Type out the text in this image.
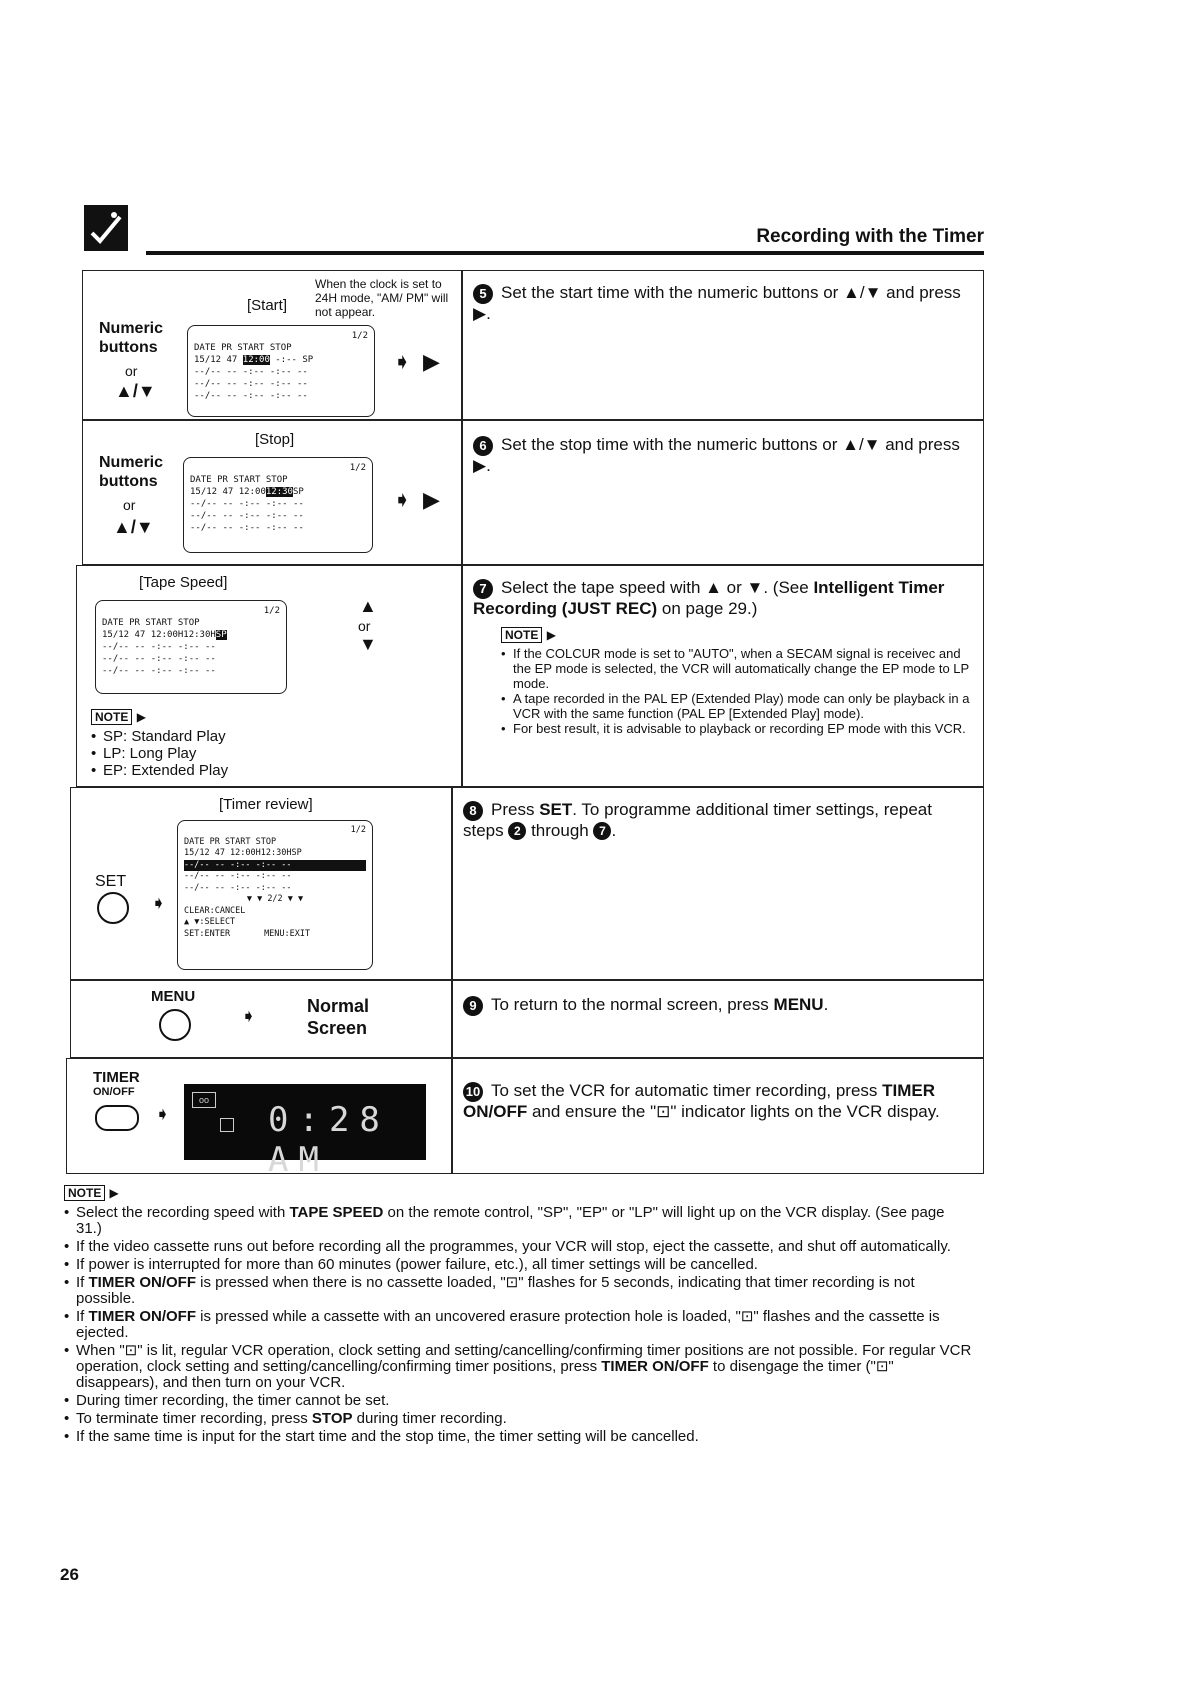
Recording with the Timer
When the clock is set to 24H mode, "AM/ PM" will not appear.
[Start]
Numeric
buttons
or
▲/▼
1/2
DATE PR START STOP
15/12 47 12:00 -:-- SP
--/-- -- -:-- -:-- --
--/-- -- -:-- -:-- --
--/-- -- -:-- -:-- --
➧ ▶
5 Set the start time with the numeric buttons or ▲/▼ and press ▶.
[Stop]
Numeric
buttons
or
▲/▼
1/2
DATE PR START STOP
15/12 47 12:0012:30SP
--/-- -- -:-- -:-- --
--/-- -- -:-- -:-- --
--/-- -- -:-- -:-- --
➧ ▶
6 Set the stop time with the numeric buttons or ▲/▼ and press ▶.
[Tape Speed]
1/2
DATE PR START STOP
15/12 47 12:00H12:30HSP
--/-- -- -:-- -:-- --
--/-- -- -:-- -:-- --
--/-- -- -:-- -:-- --
▲
or
▼
NOTE ▶
• SP: Standard Play
• LP: Long Play
• EP: Extended Play
7 Select the tape speed with ▲ or ▼. (See Intelligent Timer Recording (JUST REC) on page 29.)
NOTE ▶
• If the COLCUR mode is set to "AUTO", when a SECAM signal is receivec and the EP mode is selected, the VCR will automatically change the EP mode to LP mode.
• A tape recorded in the PAL EP (Extended Play) mode can only be playback in a VCR with the same function (PAL EP [Extended Play] mode).
• For best result, it is advisable to playback or recording EP mode with this VCR.
[Timer review]
SET
➧
1/2
DATE PR START STOP
15/12 47 12:00H12:30HSP
--/-- -- -:-- -:-- --
--/-- -- -:-- -:-- --
--/-- -- -:-- -:-- --
▼ ▼ 2/2 ▼ ▼
CLEAR:CANCEL
▲ ▼:SELECT
SET:ENTER	MENU:EXIT
8 Press SET. To programme additional timer settings, repeat steps 2 through 7 .
MENU
➧	Normal
Screen
9 To return to the normal screen, press MENU.
TIMER
ON/OFF
➧
oo 0:28 AM
10 To set the VCR for automatic timer recording, press TIMER ON/OFF and ensure the "⊡" indicator lights on the VCR dispay.
NOTE ▶
• Select the recording speed with TAPE SPEED on the remote control, "SP", "EP" or "LP" will light up on the VCR display. (See page 31.)
• If the video cassette runs out before recording all the programmes, your VCR will stop, eject the cassette, and shut off automatically.
• If power is interrupted for more than 60 minutes (power failure, etc.), all timer settings will be cancelled.
• If TIMER ON/OFF is pressed when there is no cassette loaded, "⊡" flashes for 5 seconds, indicating that timer recording is not possible.
• If TIMER ON/OFF is pressed while a cassette with an uncovered erasure protection hole is loaded, "⊡" flashes and the cassette is ejected.
• When "⊡" is lit, regular VCR operation, clock setting and setting/cancelling/confirming timer positions are not possible. For regular VCR operation, clock setting and setting/cancelling/confirming timer positions, press TIMER ON/OFF to disengage the timer ("⊡" disappears), and then turn on your VCR.
• During timer recording, the timer cannot be set.
• To terminate timer recording, press STOP during timer recording.
• If the same time is input for the start time and the stop time, the timer setting will be cancelled.
26
